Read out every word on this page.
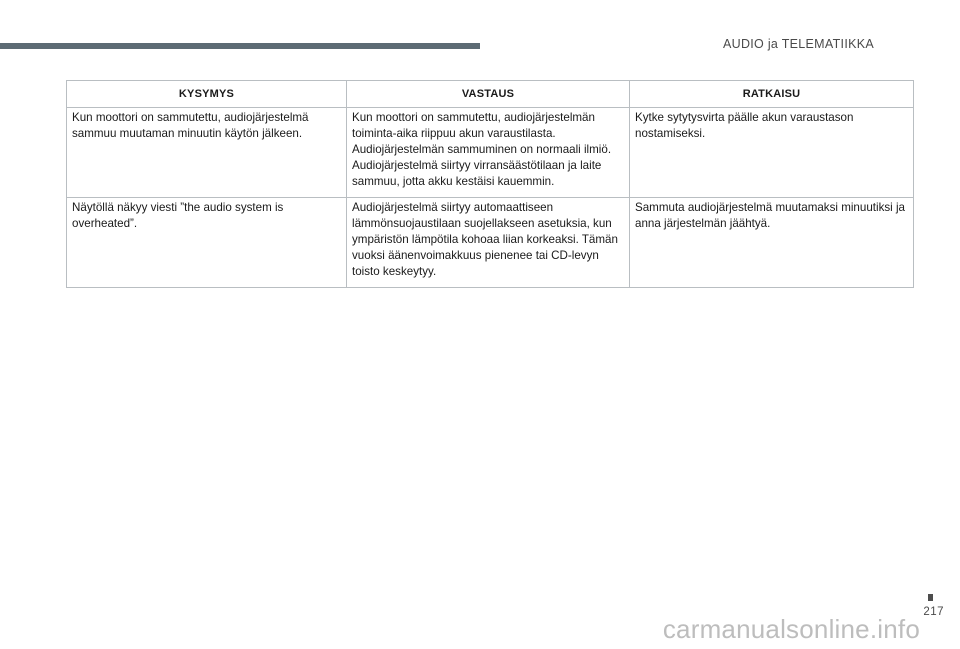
AUDIO ja TELEMATIIKKA
KYSYMYS	VASTAUS	RATKAISU
Kun moottori on sammutettu, audiojärjestelmä sammuu muutaman minuutin käytön jälkeen.	Kun moottori on sammutettu, audiojärjestelmän toiminta-aika riippuu akun varaustilasta. Audiojärjestelmän sammuminen on normaali ilmiö. Audiojärjestelmä siirtyy virransäästötilaan ja laite sammuu, jotta akku kestäisi kauemmin.	Kytke sytytysvirta päälle akun varaustason nostamiseksi.
Näytöllä näkyy viesti ”the audio system is overheated”.	Audiojärjestelmä siirtyy automaattiseen lämmönsuojaustilaan suojellakseen asetuksia, kun ympäristön lämpötila kohoaa liian korkeaksi. Tämän vuoksi äänenvoimakkuus pienenee tai CD-levyn toisto keskeytyy.	Sammuta audiojärjestelmä muutamaksi minuutiksi ja anna järjestelmän jäähtyä.
217
carmanualsonline.info
